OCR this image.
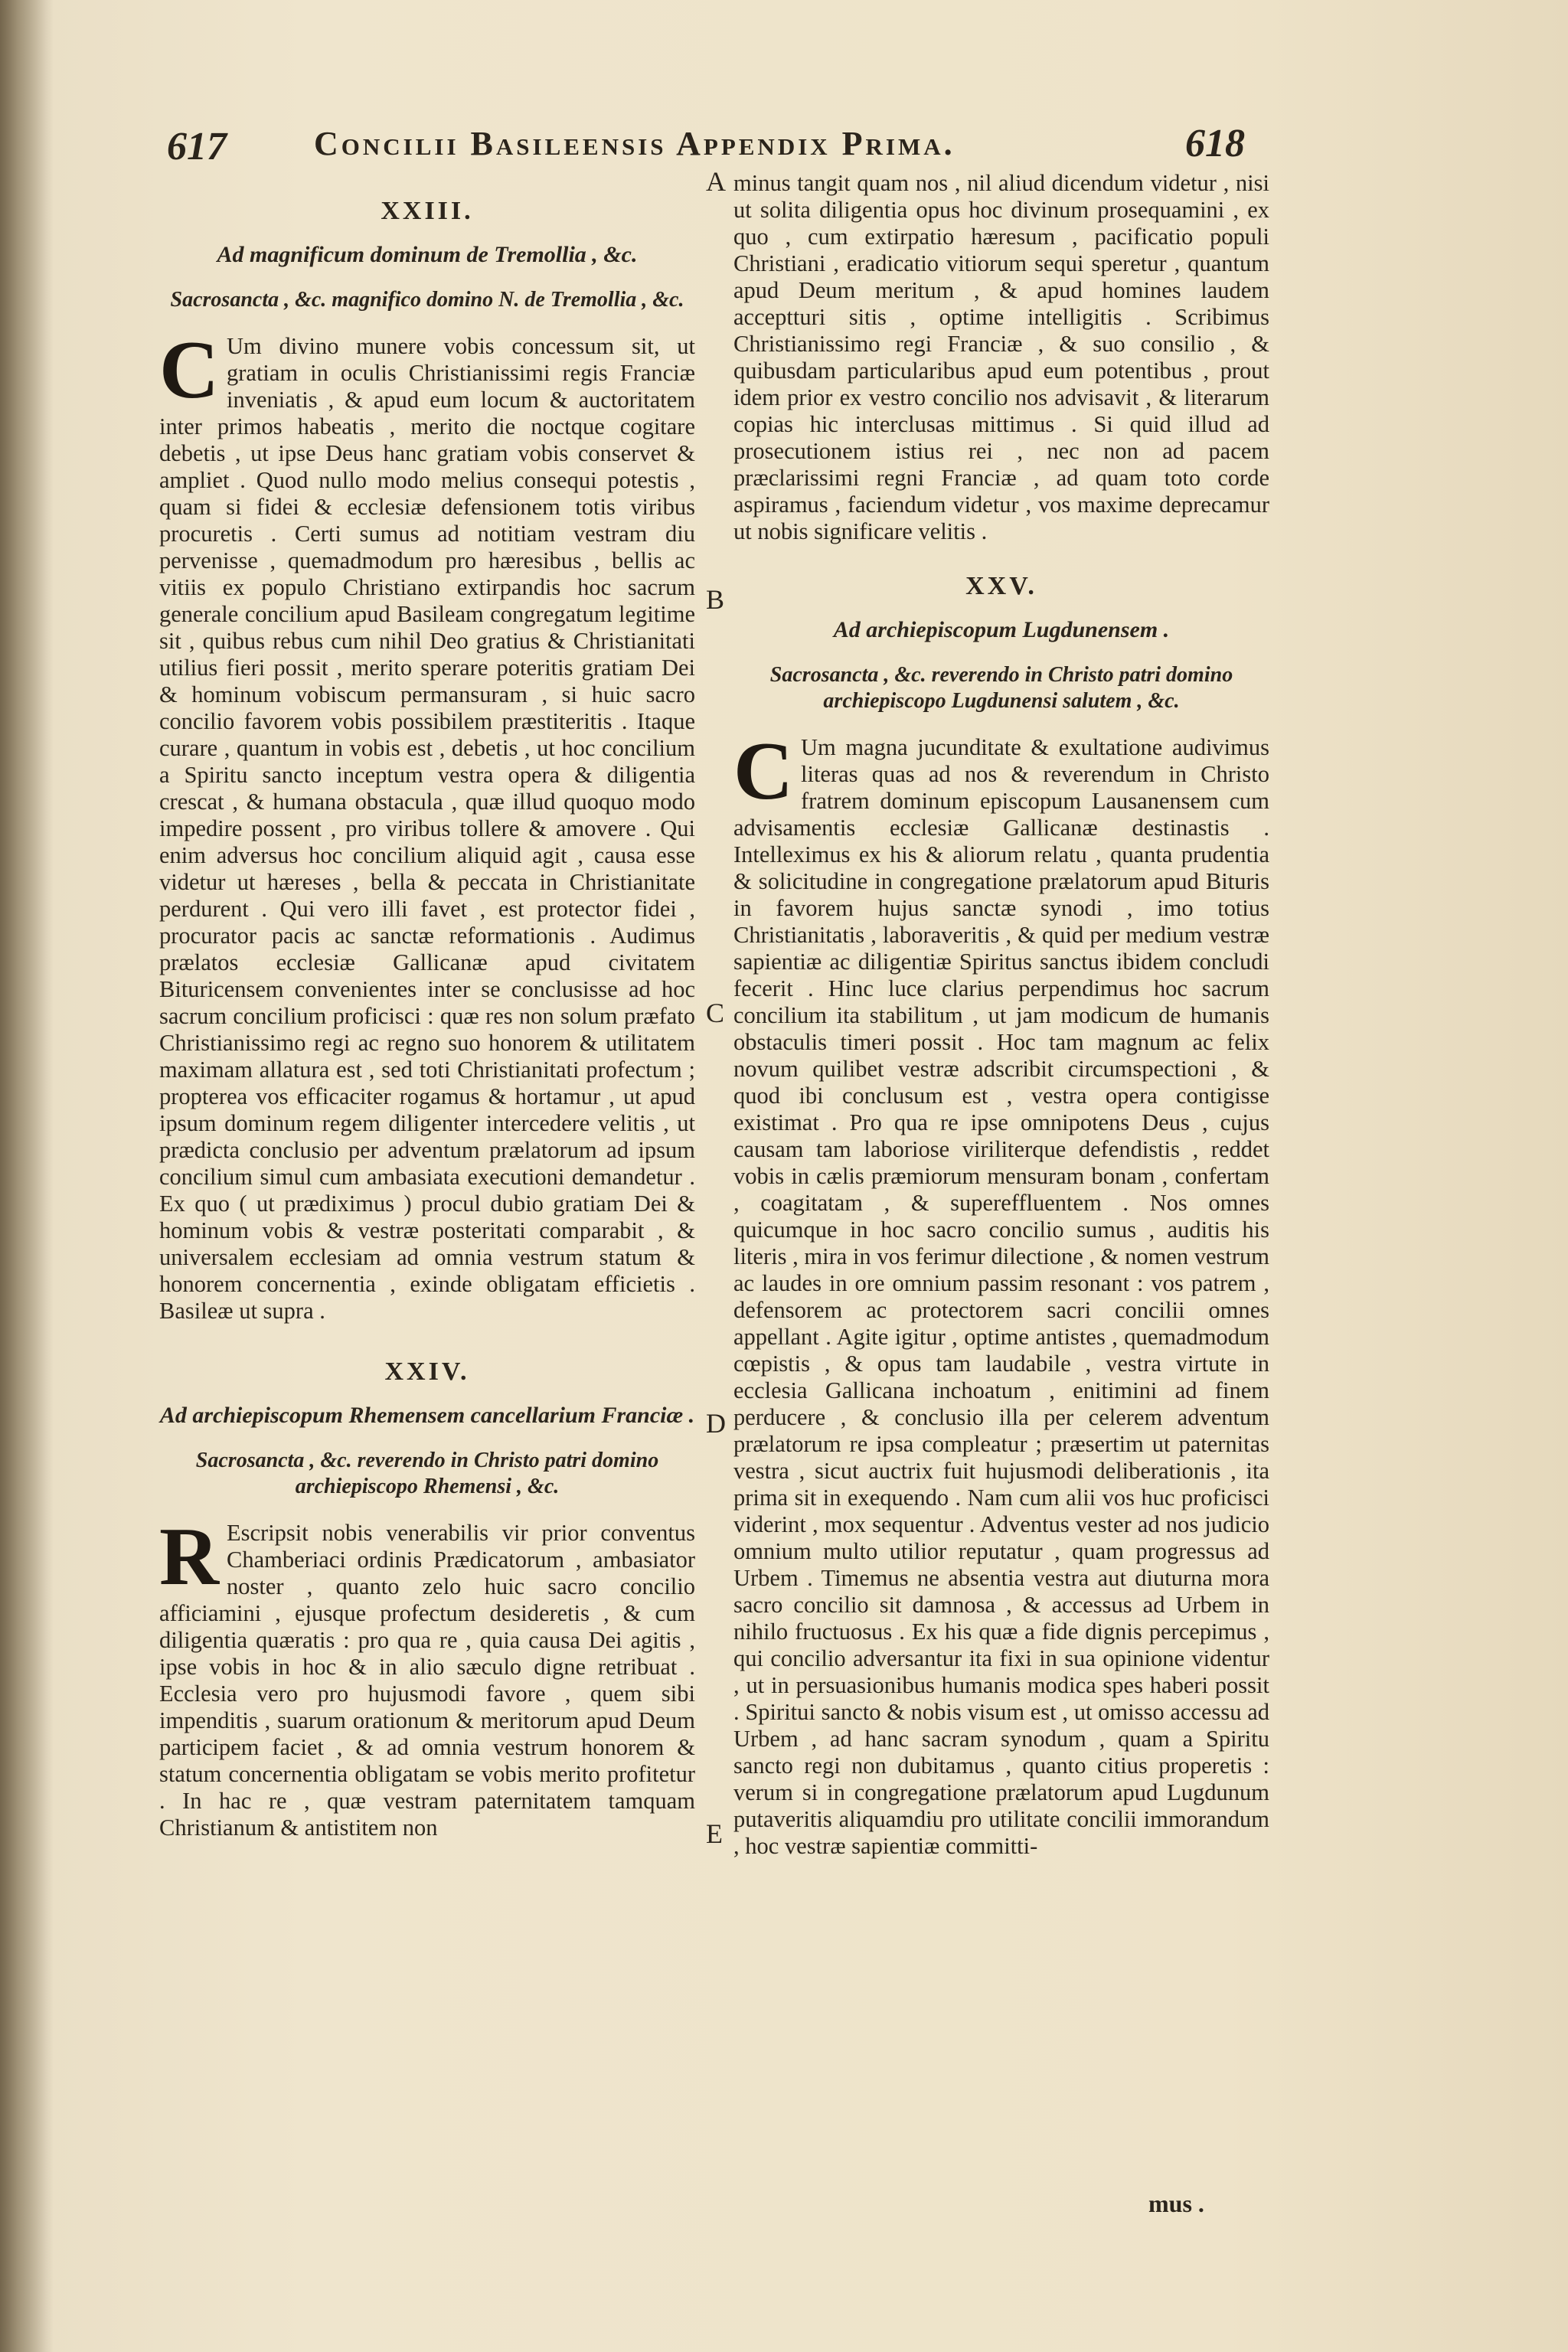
617	Concilii Basileensis Appendix Prima.	618
A
B
C
D
E
XXIII.
Ad magnificum dominum de Tremollia , &c.
Sacrosancta , &c. magnifico domino N. de Tremollia , &c.
C Um divino munere vobis concessum sit, ut gratiam in oculis Christianissimi regis Franciæ inveniatis , & apud eum locum & auctoritatem inter primos habeatis , merito die noctque cogitare debetis , ut ipse Deus hanc gratiam vobis conservet & ampliet . Quod nullo modo melius consequi potestis , quam si fidei & ecclesiæ defensionem totis viribus procuretis . Certi sumus ad notitiam vestram diu pervenisse , quemadmodum pro hæresibus , bellis ac vitiis ex populo Christiano extirpandis hoc sacrum generale concilium apud Basileam congregatum legitime sit , quibus rebus cum nihil Deo gratius & Christianitati utilius fieri possit , merito sperare poteritis gratiam Dei & hominum vobiscum permansuram , si huic sacro concilio favorem vobis possibilem præstiteritis . Itaque curare , quantum in vobis est , debetis , ut hoc concilium a Spiritu sancto inceptum vestra opera & diligentia crescat , & humana obstacula , quæ illud quoquo modo impedire possent , pro viribus tollere & amovere . Qui enim adversus hoc concilium aliquid agit , causa esse videtur ut hæreses , bella & peccata in Christianitate perdurent . Qui vero illi favet , est protector fidei , procurator pacis ac sanctæ reformationis . Audimus prælatos ecclesiæ Gallicanæ apud civitatem Bituricensem convenientes inter se conclusisse ad hoc sacrum concilium proficisci : quæ res non solum præfato Christianissimo regi ac regno suo honorem & utilitatem maximam allatura est , sed toti Christianitati profectum ; propterea vos efficaciter rogamus & hortamur , ut apud ipsum dominum regem diligenter intercedere velitis , ut prædicta conclusio per adventum prælatorum ad ipsum concilium simul cum ambasiata executioni demandetur . Ex quo ( ut prædiximus ) procul dubio gratiam Dei & hominum vobis & vestræ posteritati comparabit , & universalem ecclesiam ad omnia vestrum statum & honorem concernentia , exinde obligatam efficietis . Basileæ ut supra .

XXIV.
Ad archiepiscopum Rhemensem cancellarium Franciæ .
Sacrosancta , &c. reverendo in Christo patri domino archiepiscopo Rhemensi , &c.
R Escripsit nobis venerabilis vir prior conventus Chamberiaci ordinis Prædicatorum , ambasiator noster , quanto zelo huic sacro concilio afficiamini , ejusque profectum desideretis , & cum diligentia quæratis : pro qua re , quia causa Dei agitis , ipse vobis in hoc & in alio sæculo digne retribuat . Ecclesia vero pro hujusmodi favore , quem sibi impenditis , suarum orationum & meritorum apud Deum participem faciet , & ad omnia vestrum honorem & statum concernentia obligatam se vobis merito profitetur . In hac re , quæ vestram paternitatem tamquam Christianum & antistitem non

minus tangit quam nos , nil aliud dicendum videtur , nisi ut solita diligentia opus hoc divinum prosequamini , ex quo , cum extirpatio hæresum , pacificatio populi Christiani , eradicatio vitiorum sequi speretur , quantum apud Deum meritum , & apud homines laudem acceptturi sitis , optime intelligitis . Scribimus Christianissimo regi Franciæ , & suo consilio , & quibusdam particularibus apud eum potentibus , prout idem prior ex vestro concilio nos advisavit , & literarum copias hic interclusas mittimus . Si quid illud ad prosecutionem istius rei , nec non ad pacem præclarissimi regni Franciæ , ad quam toto corde aspiramus , faciendum videtur , vos maxime deprecamur ut nobis significare velitis .

XXV.
Ad archiepiscopum Lugdunensem .
Sacrosancta , &c. reverendo in Christo patri domino archiepiscopo Lugdunensi salutem , &c.
C Um magna jucunditate & exultatione audivimus literas quas ad nos & reverendum in Christo fratrem dominum episcopum Lausanensem cum advisamentis ecclesiæ Gallicanæ destinastis . Intelleximus ex his & aliorum relatu , quanta prudentia & solicitudine in congregatione prælatorum apud Bituris in favorem hujus sanctæ synodi , imo totius Christianitatis , laboraveritis , & quid per medium vestræ sapientiæ ac diligentiæ Spiritus sanctus ibidem concludi fecerit . Hinc luce clarius perpendimus hoc sacrum concilium ita stabilitum , ut jam modicum de humanis obstaculis timeri possit . Hoc tam magnum ac felix novum quilibet vestræ adscribit circumspectioni , & quod ibi conclusum est , vestra opera contigisse existimat . Pro qua re ipse omnipotens Deus , cujus causam tam laboriose viriliterque defendistis , reddet vobis in cælis præmiorum mensuram bonam , confertam , coagitatam , & supereffluentem . Nos omnes quicumque in hoc sacro concilio sumus , auditis his literis , mira in vos ferimur dilectione , & nomen vestrum ac laudes in ore omnium passim resonant : vos patrem , defensorem ac protectorem sacri concilii omnes appellant . Agite igitur , optime antistes , quemadmodum cœpistis , & opus tam laudabile , vestra virtute in ecclesia Gallicana inchoatum , enitimini ad finem perducere , & conclusio illa per celerem adventum prælatorum re ipsa compleatur ; præsertim ut paternitas vestra , sicut auctrix fuit hujusmodi deliberationis , ita prima sit in exequendo . Nam cum alii vos huc proficisci viderint , mox sequentur . Adventus vester ad nos judicio omnium multo utilior reputatur , quam progressus ad Urbem . Timemus ne absentia vestra aut diuturna mora sacro concilio sit damnosa , & accessus ad Urbem in nihilo fructuosus . Ex his quæ a fide dignis percepimus , qui concilio adversantur ita fixi in sua opinione videntur , ut in persuasionibus humanis modica spes haberi possit . Spiritui sancto & nobis visum est , ut omisso accessu ad Urbem , ad hanc sacram synodum , quam a Spiritu sancto regi non dubitamus , quanto citius properetis : verum si in congregatione prælatorum apud Lugdunum putaveritis aliquamdiu pro utilitate concilii immorandum , hoc vestræ sapientiæ committi-

mus .
